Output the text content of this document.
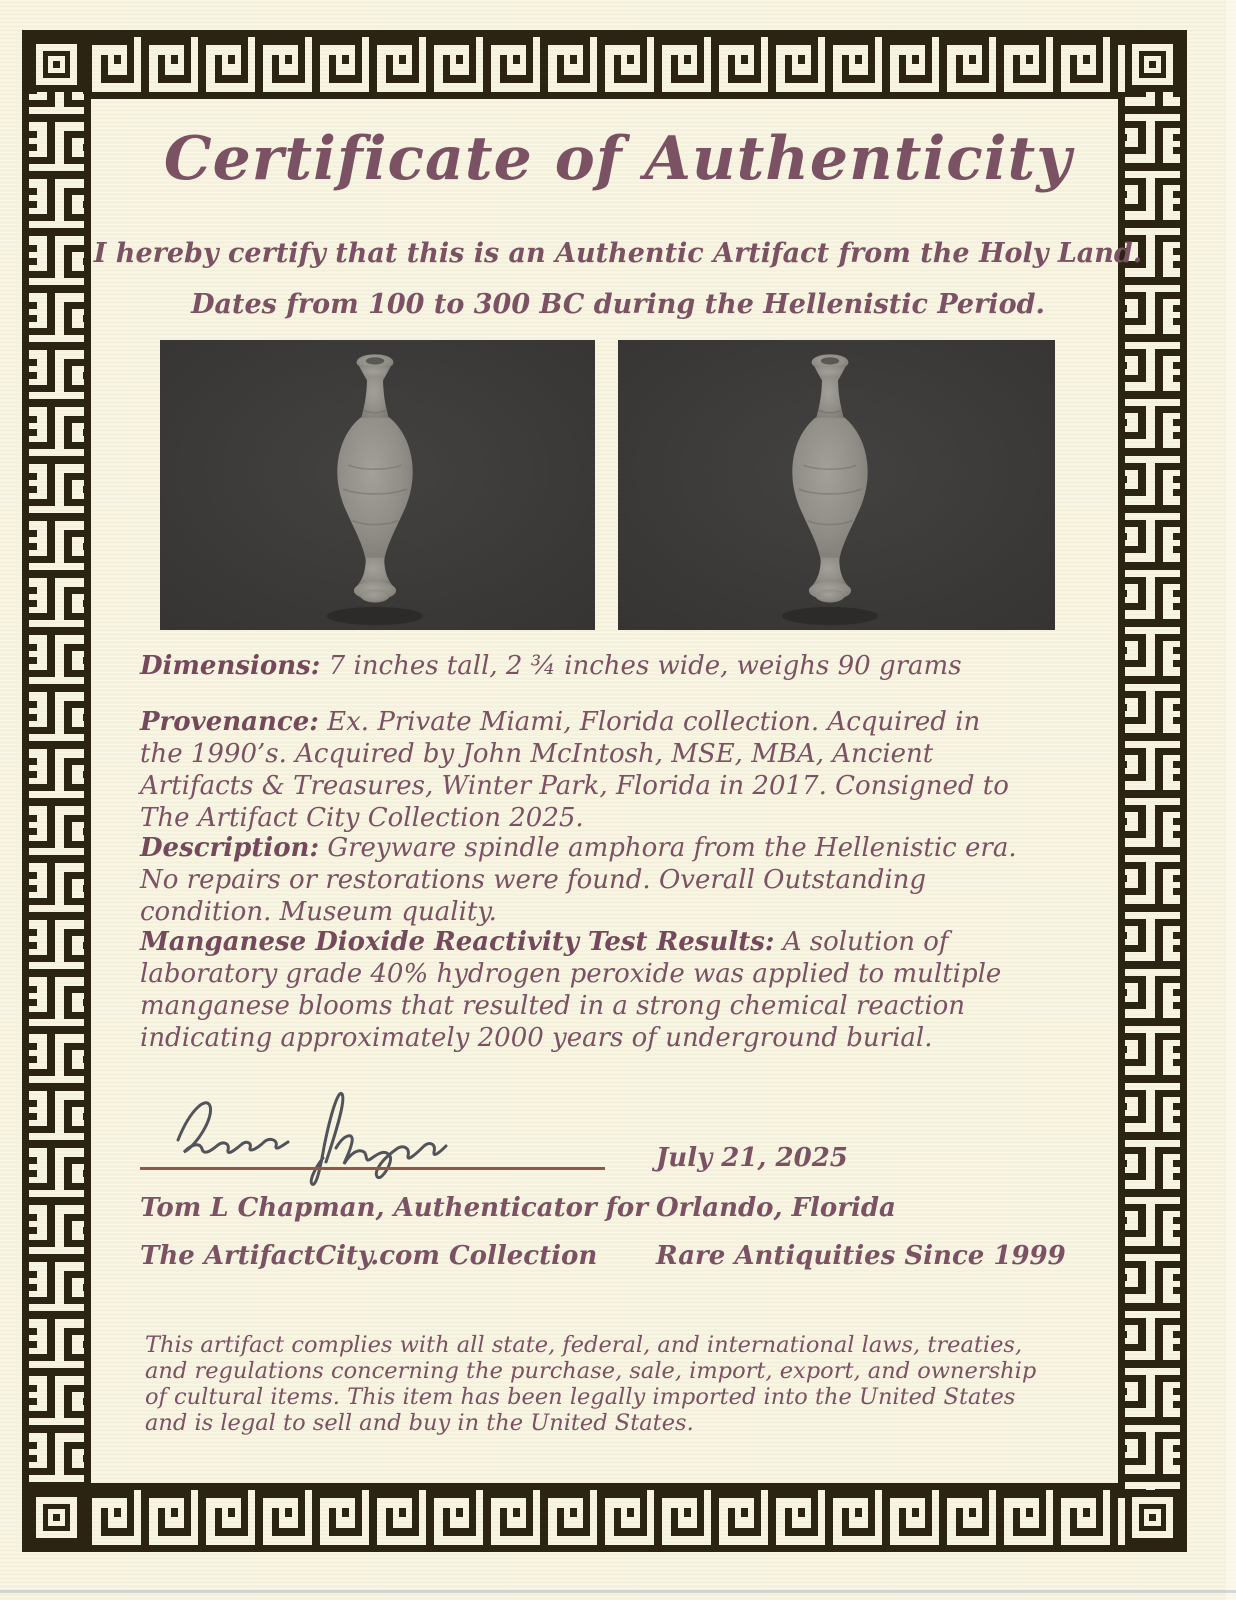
Certificate of Authenticity
I hereby certify that this is an Authentic Artifact from the Holy Land.
Dates from 100 to 300 BC during the Hellenistic Period.

Dimensions: 7 inches tall, 2 ¾ inches wide, weighs 90 grams

Provenance: Ex. Private Miami, Florida collection. Acquired in the 1990’s. Acquired by John McIntosh, MSE, MBA, Ancient Artifacts & Treasures, Winter Park, Florida in 2017. Consigned to The Artifact City Collection 2025.

Description: Greyware spindle amphora from the Hellenistic era. No repairs or restorations were found. Overall Outstanding condition. Museum quality.

Manganese Dioxide Reactivity Test Results: A solution of laboratory grade 40% hydrogen peroxide was applied to multiple manganese blooms that resulted in a strong chemical reaction indicating approximately 2000 years of underground burial.

July 21, 2025
Tom L Chapman, Authenticator for Orlando, Florida
The ArtifactCity.com Collection Rare Antiquities Since 1999

This artifact complies with all state, federal, and international laws, treaties, and regulations concerning the purchase, sale, import, export, and ownership of cultural items. This item has been legally imported into the United States and is legal to sell and buy in the United States.
